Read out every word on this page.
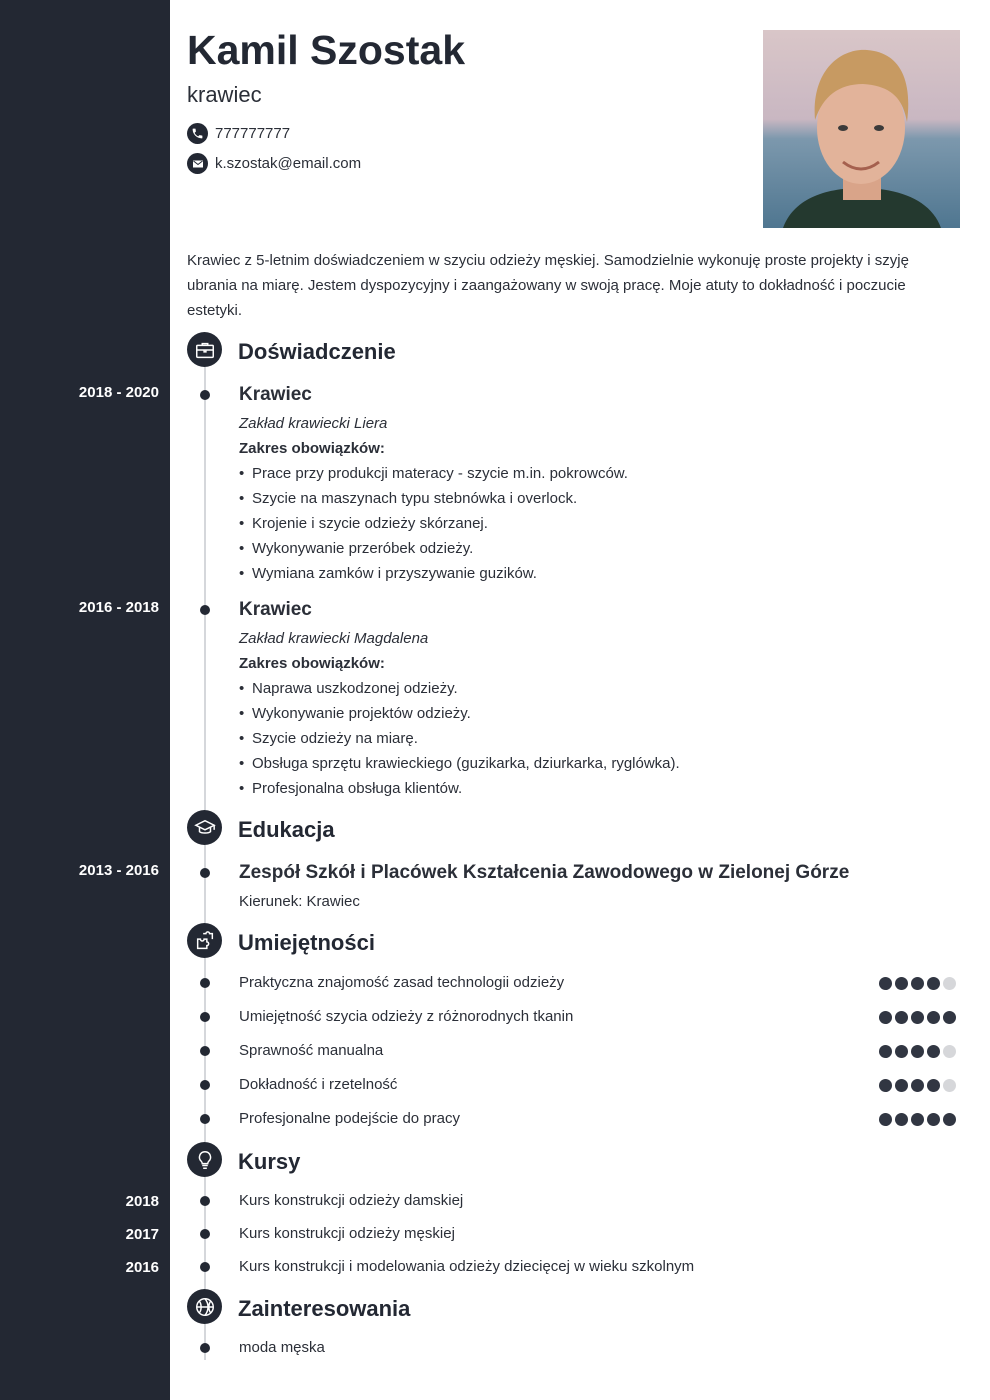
Kamil Szostak
krawiec
777777777
k.szostak@email.com
Krawiec z 5-letnim doświadczeniem w szyciu odzieży męskiej. Samodzielnie wykonuję proste projekty i szyję ubrania na miarę. Jestem dyspozycyjny i zaangażowany w swoją pracę. Moje atuty to dokładność i poczucie estetyki.
Doświadczenie
2018 - 2020	Krawiec
Zakład krawiecki Liera
Zakres obowiązków:
• Prace przy produkcji materacy - szycie m.in. pokrowców.
• Szycie na maszynach typu stebnówka i overlock.
• Krojenie i szycie odzieży skórzanej.
• Wykonywanie przeróbek odzieży.
• Wymiana zamków i przyszywanie guzików.
2016 - 2018	Krawiec
Zakład krawiecki Magdalena
Zakres obowiązków:
• Naprawa uszkodzonej odzieży.
• Wykonywanie projektów odzieży.
• Szycie odzieży na miarę.
• Obsługa sprzętu krawieckiego (guzikarka, dziurkarka, ryglówka).
• Profesjonalna obsługa klientów.
Edukacja
2013 - 2016	Zespół Szkół i Placówek Kształcenia Zawodowego w Zielonej Górze
Kierunek: Krawiec
Umiejętności
Praktyczna znajomość zasad technologii odzieży
Umiejętność szycia odzieży z różnorodnych tkanin
Sprawność manualna
Dokładność i rzetelność
Profesjonalne podejście do pracy
Kursy
2018	Kurs konstrukcji odzieży damskiej
2017	Kurs konstrukcji odzieży męskiej
2016	Kurs konstrukcji i modelowania odzieży dziecięcej w wieku szkolnym
Zainteresowania
moda męska
